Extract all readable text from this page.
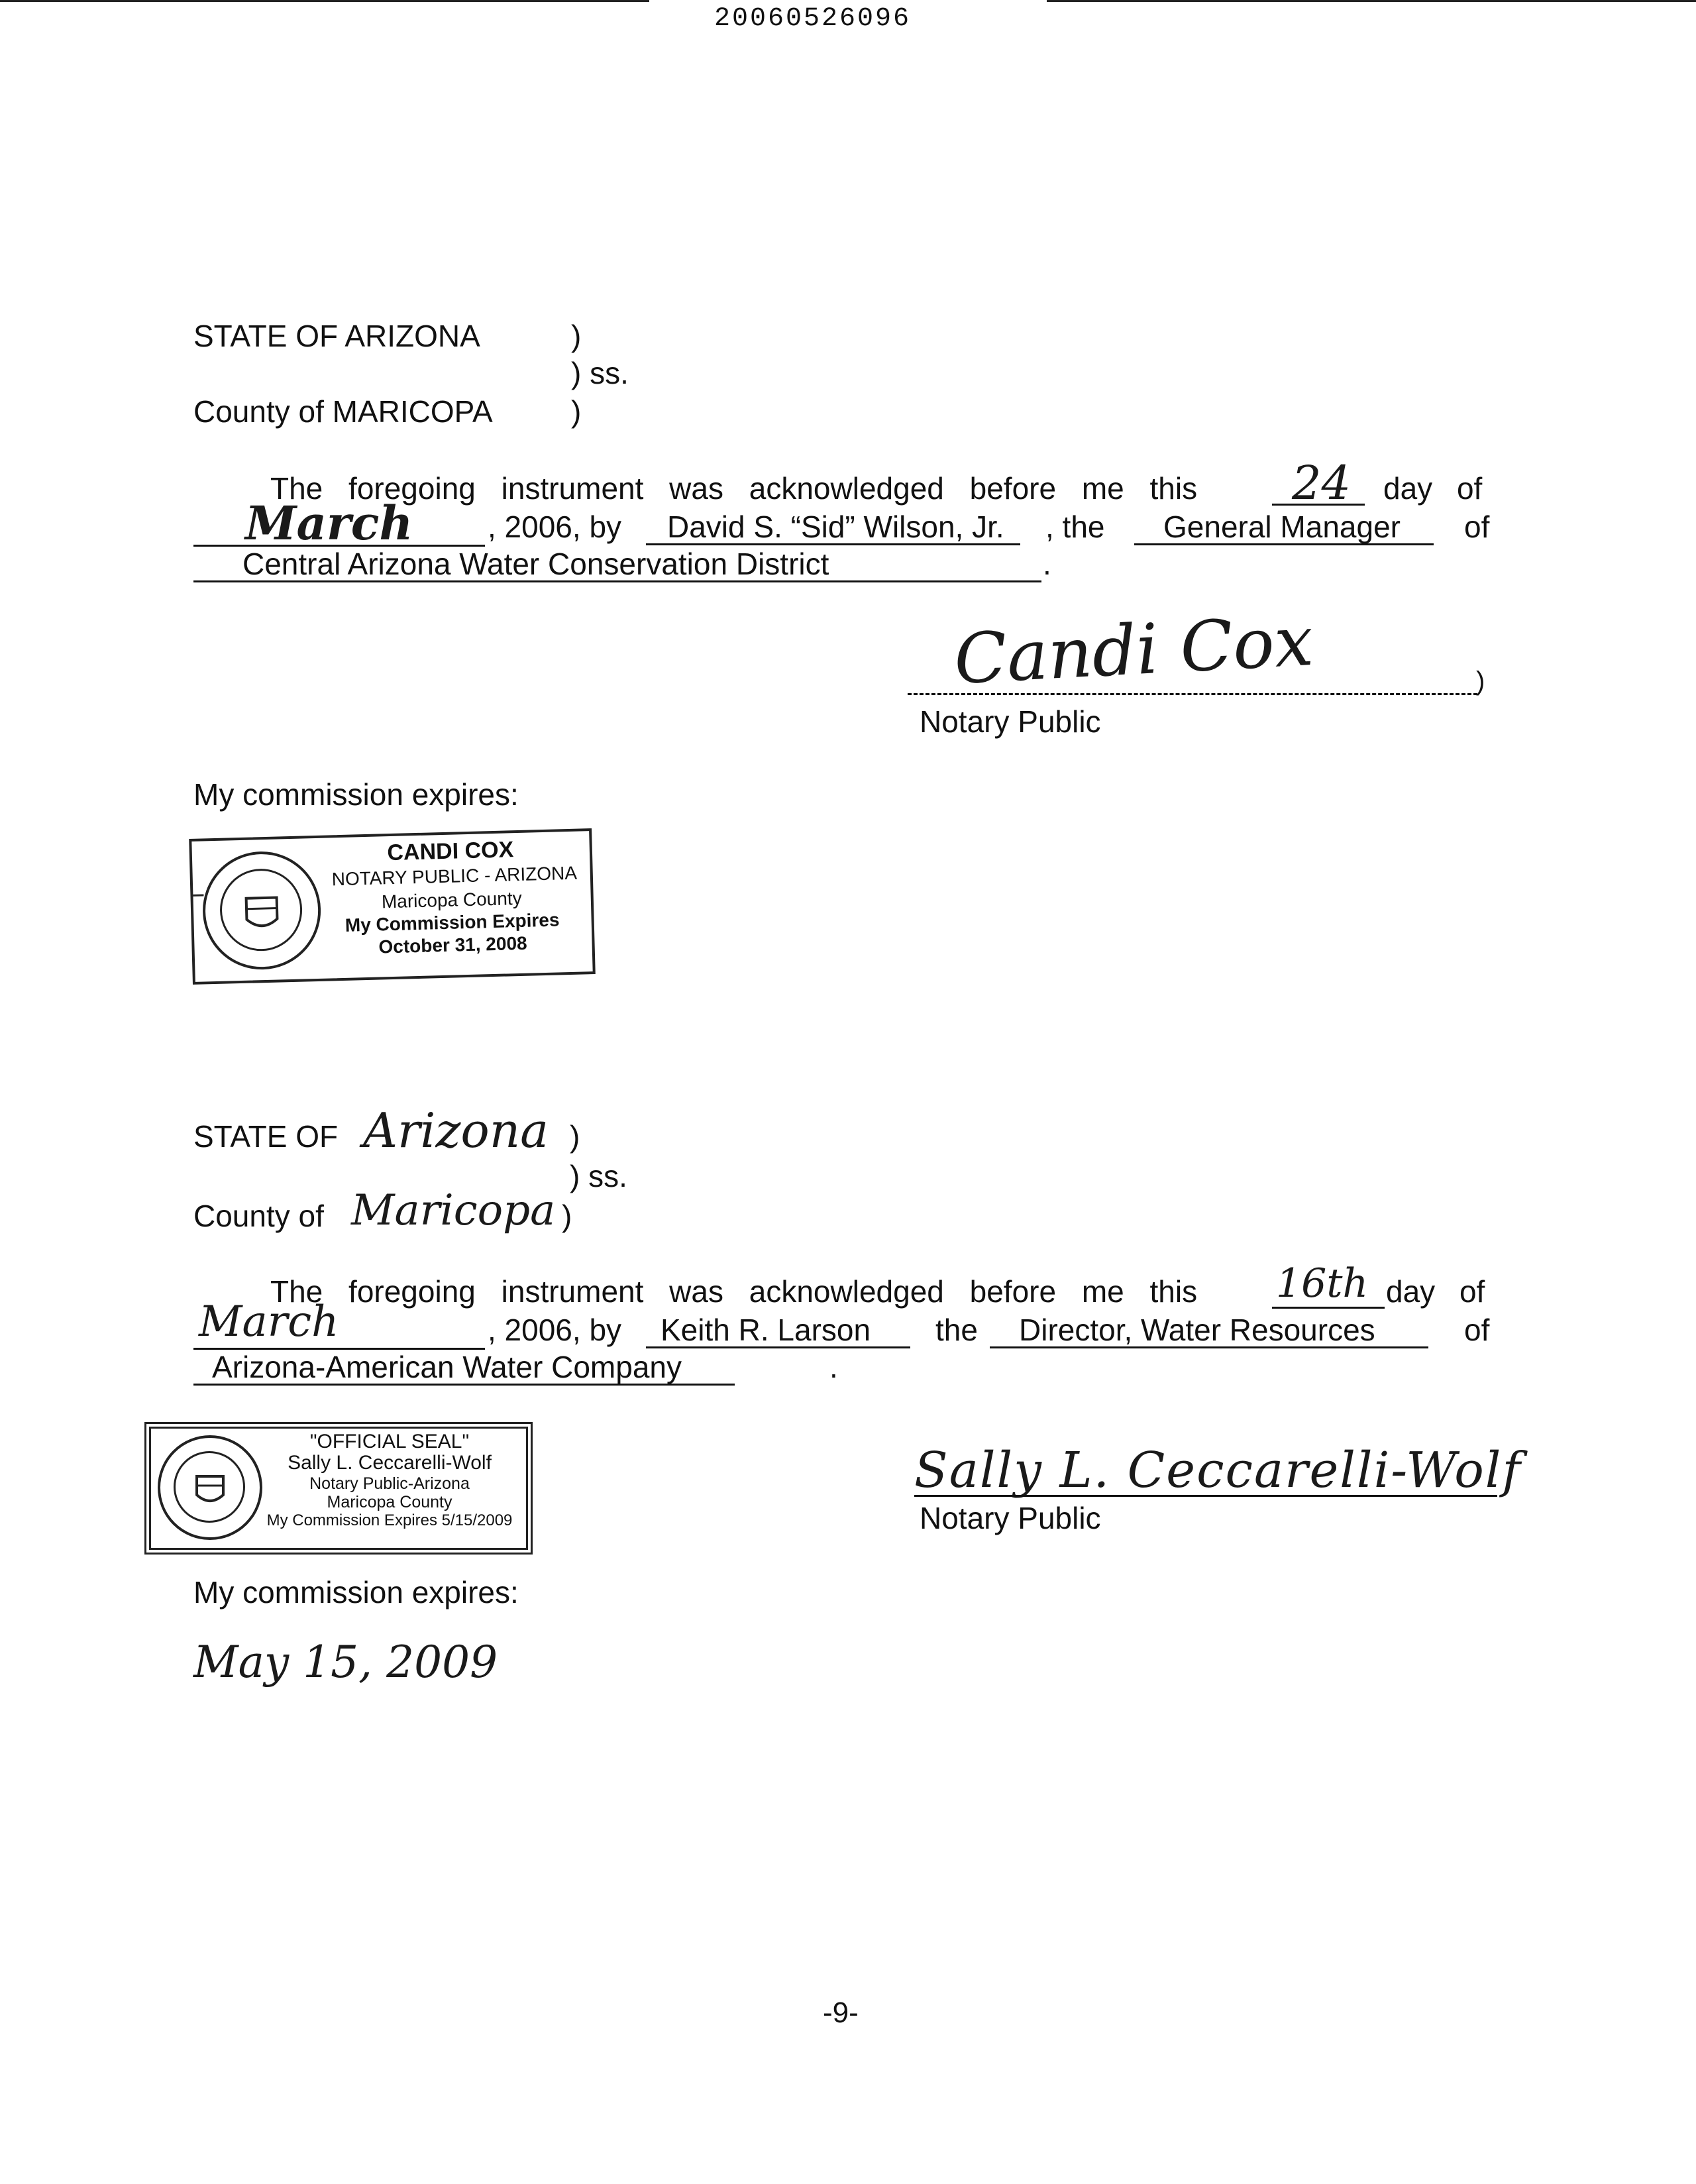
20060526096
STATE OF ARIZONA	)
) ss.
County of MARICOPA	)
The foregoing instrument was acknowledged before me this 24 day of
March , 2006, by	David S. “Sid” Wilson, Jr.	, the	General Manager	of
Central Arizona Water Conservation District	.
Candi Cox	)
Notary Public
My commission expires:
CANDI COX
NOTARY PUBLIC - ARIZONA
Maricopa County
My Commission Expires
October 31, 2008
STATE OF Arizona )
) ss.
County of Maricopa )
The foregoing instrument was acknowledged before me this 16th day of
March	, 2006, by	Keith R. Larson	the	Director, Water Resources	of
Arizona-American Water Company	.
"OFFICIAL SEAL"
Sally L. Ceccarelli-Wolf
Notary Public-Arizona
Maricopa County
My Commission Expires 5/15/2009
Sally L. Ceccarelli-Wolf
Notary Public
My commission expires:
May 15, 2009
-9-
